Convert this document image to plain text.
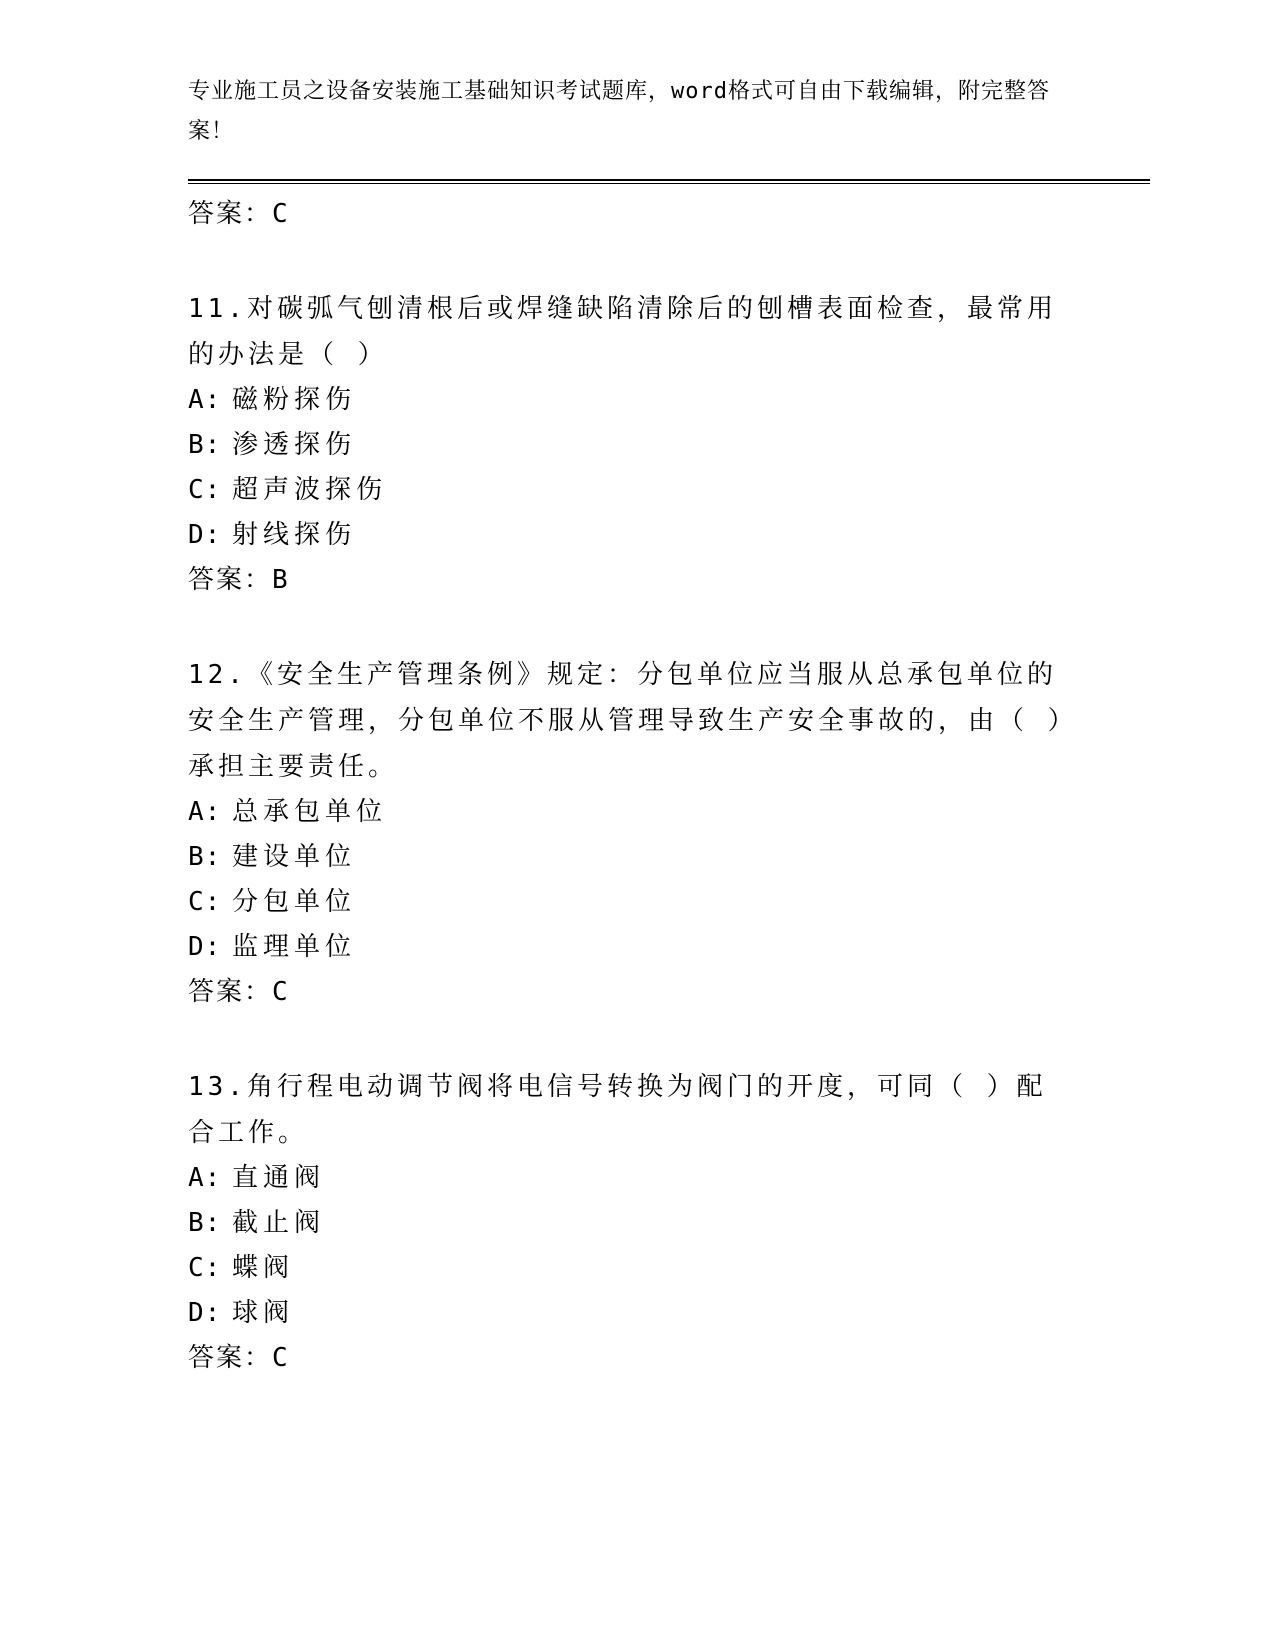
专业施工员之设备安装施工基础知识考试题库，word格式可自由下载编辑，附完整答案！
答案：C
11.对碳弧气刨清根后或焊缝缺陷清除后的刨槽表面检查，最常用的办法是（ ）
A: 磁粉探伤
B: 渗透探伤
C: 超声波探伤
D: 射线探伤
答案：B
12.《安全生产管理条例》规定：分包单位应当服从总承包单位的安全生产管理，分包单位不服从管理导致生产安全事故的，由（ ）承担主要责任。
A: 总承包单位
B: 建设单位
C: 分包单位
D: 监理单位
答案：C
13.角行程电动调节阀将电信号转换为阀门的开度，可同（ ）配合工作。
A: 直通阀
B: 截止阀
C: 蝶阀
D: 球阀
答案：C
